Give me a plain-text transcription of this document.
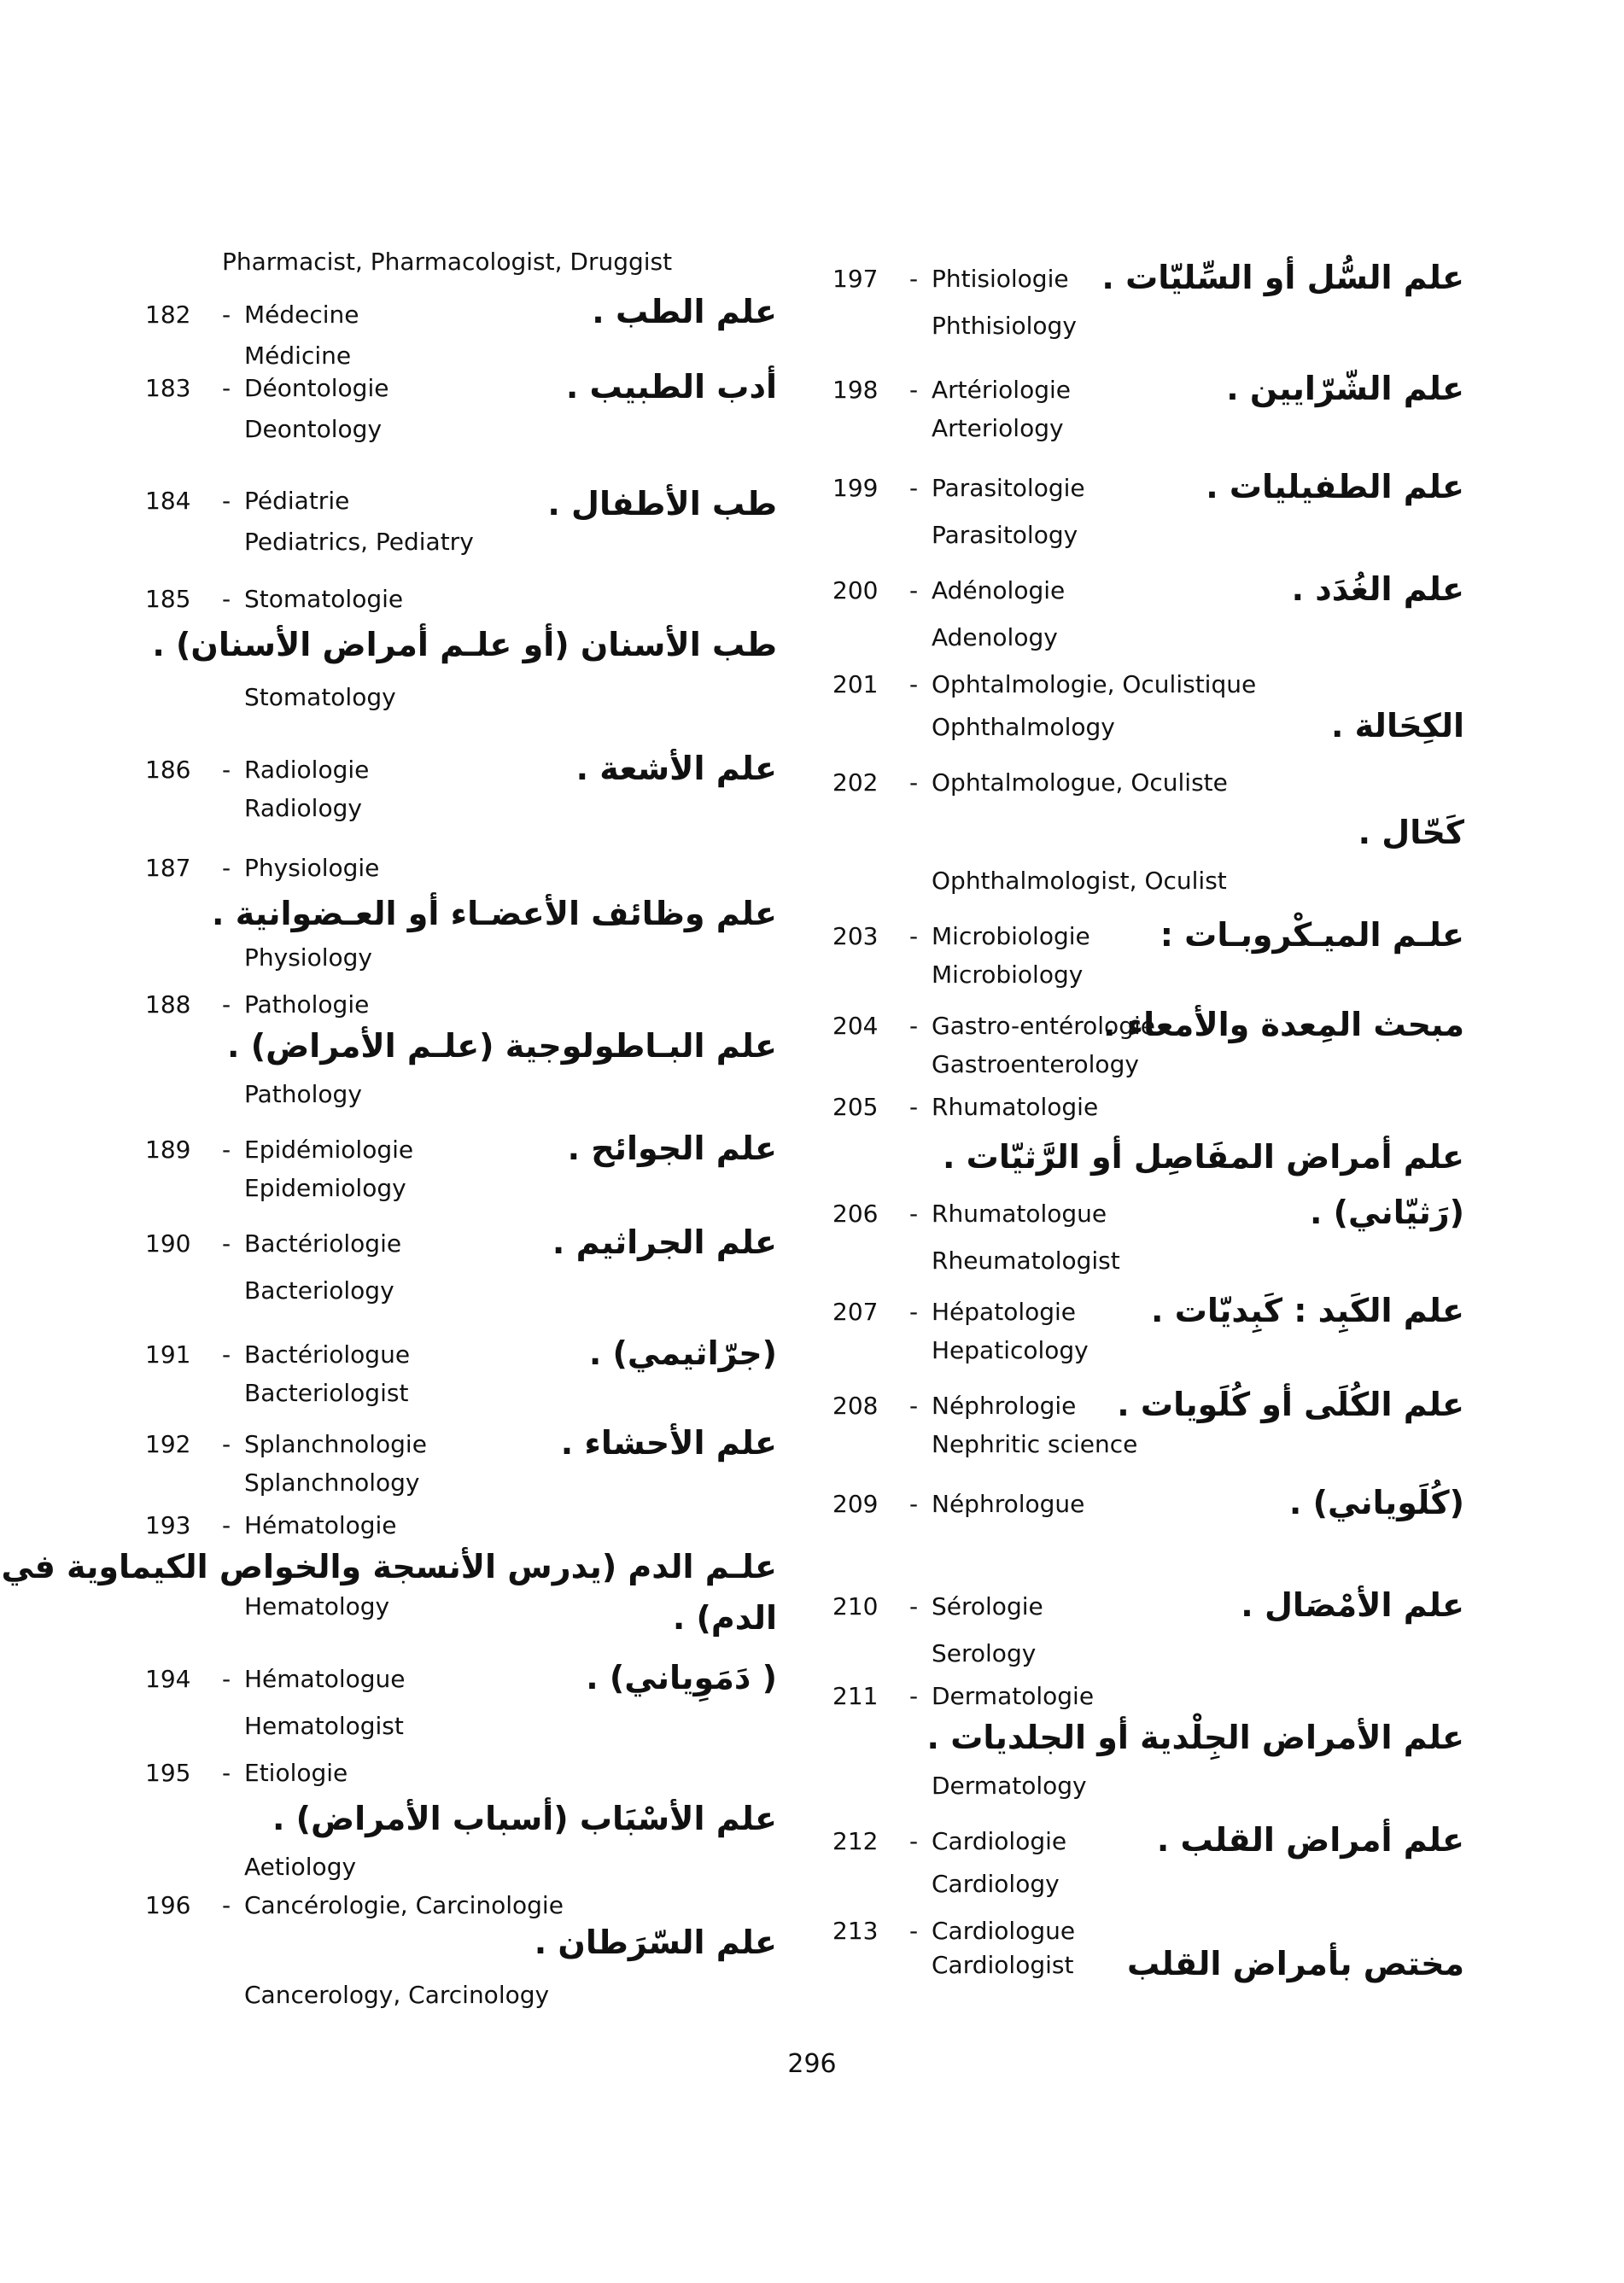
Pharmacist, Pharmacologist, Druggist
182 - Médecine
Médicine
علم الطب .
183 - Déontologie
Deontology
أدب الطبيب .
184 - Pédiatrie
Pediatrics, Pediatry
طب الأطفال .
185 - Stomatologie
Stomatology
طب الأسنان (أو علـم أمراض الأسنان) .
186 - Radiologie
Radiology
علم الأشعة .
187 - Physiologie
Physiology
علم وظائف الأعضـاء أو العـضوانية .
188 - Pathologie
Pathology
علم البـاطولوجية (علـم الأمراض) .
189 - Epidémiologie
Epidemiology
علم الجوائح .
190 - Bactériologie
Bacteriology
علم الجراثيم .
191 - Bactériologue
Bacteriologist
(جرّاثيمي) .
192 - Splanchnologie
Splanchnology
علم الأحشاء .
193 - Hématologie
Hematology
علـم الدم (يدرس الأنسجة والخواص الكيماوية في
الدم) .
194 - Hématologue
Hematologist
( دَمَوِياني) .
195 - Etiologie
Aetiology
علم الأسْبَاب (أسباب الأمراض) .
196 - Cancérologie, Carcinologie
Cancerology, Carcinology
علم السّرَطان .
197 - Phtisiologie
Phthisiology
علم السُّل أو السِّليّات .
198 - Artériologie
Arteriology
علم الشّرّايين .
199 - Parasitologie
Parasitology
علم الطفيليات .
200 - Adénologie
Adenology
علم الغُدَد .
201 - Ophtalmologie, Oculistique
Ophthalmology	الكِحَالة .
202 - Ophtalmologue, Oculiste
Ophthalmologist, Oculist
كَحّال .
203 - Microbiologie
Microbiology
علـم الميـكْروبـات :
204 - Gastro-entérologie
Gastroenterology
مبحث المِعدة والأمعاء .
205 - Rhumatologie
علم أمراض المفَاصِل أو الرَّثيّات .
206 - Rhumatologue
Rheumatologist
(رَثيّاني) .
207 - Hépatologie
Hepaticology
علم الكَبِد : كَبِديّات .
208 - Néphrologie
Nephritic science
علم الكُلَى أو كُلَويات .
209 - Néphrologue	(كُلَوياني) .
210 - Sérologie
Serology
علم الأمْصَال .
211 - Dermatologie
Dermatology
علم الأمراض الجِلْدية أو الجلديات .
212 - Cardiologie
Cardiology
علم أمراض القلب .
213 - Cardiologue
Cardiologist مختص بأمراض القلب
296
